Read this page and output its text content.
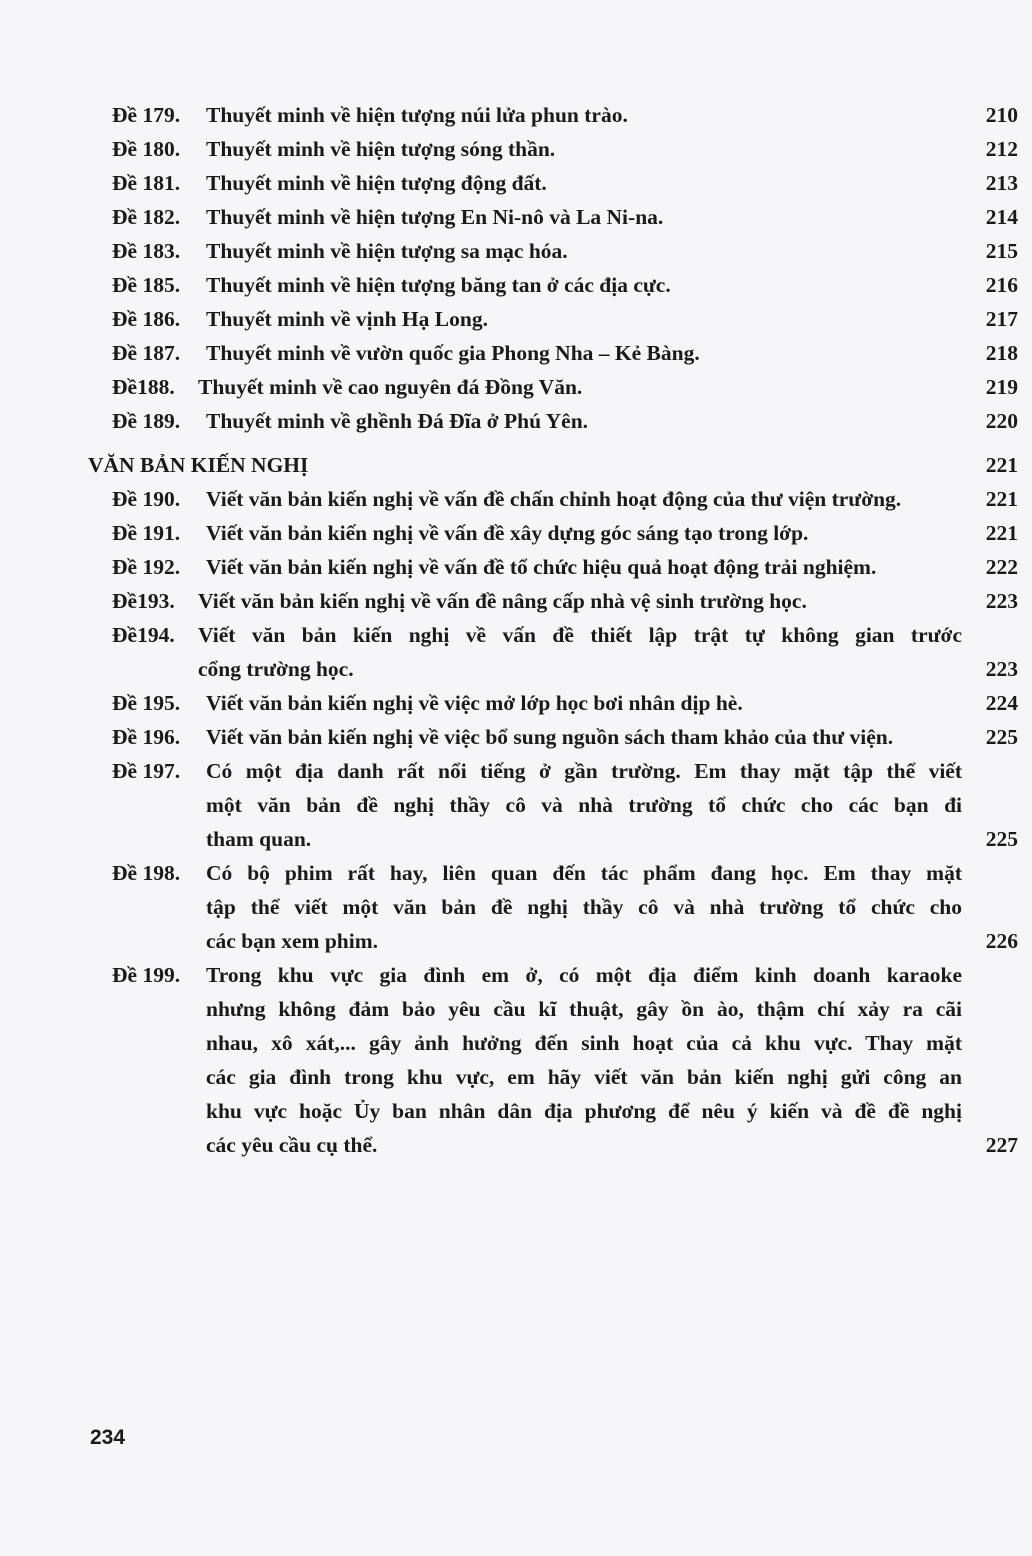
Đề 179.	Thuyết minh về hiện tượng núi lửa phun trào.	210
Đề 180.	Thuyết minh về hiện tượng sóng thần.	212
Đề 181.	Thuyết minh về hiện tượng động đất.	213
Đề 182.	Thuyết minh về hiện tượng En Ni-nô và La Ni-na.	214
Đề 183.	Thuyết minh về hiện tượng sa mạc hóa.	215
Đề 185.	Thuyết minh về hiện tượng băng tan ở các địa cực.	216
Đề 186.	Thuyết minh về vịnh Hạ Long.	217
Đề 187.	Thuyết minh về vườn quốc gia Phong Nha – Kẻ Bàng.	218
Đề188.	Thuyết minh về cao nguyên đá Đồng Văn.	219
Đề 189.	Thuyết minh về ghềnh Đá Đĩa ở Phú Yên.	220
VĂN BẢN KIẾN NGHỊ	221
Đề 190.	Viết văn bản kiến nghị về vấn đề chấn chỉnh hoạt động của thư viện trường.	221
Đề 191.	Viết văn bản kiến nghị về vấn đề xây dựng góc sáng tạo trong lớp.	221
Đề 192.	Viết văn bản kiến nghị về vấn đề tổ chức hiệu quả hoạt động trải nghiệm.	222
Đề193.	Viết văn bản kiến nghị về vấn đề nâng cấp nhà vệ sinh trường học.	223
Đề194.	Viết văn bản kiến nghị về vấn đề thiết lập trật tự không gian trước
cổng trường học.	223
Đề 195.	Viết văn bản kiến nghị về việc mở lớp học bơi nhân dịp hè.	224
Đề 196.	Viết văn bản kiến nghị về việc bổ sung nguồn sách tham khảo của thư viện.	225
Đề 197.	Có một địa danh rất nổi tiếng ở gần trường. Em thay mặt tập thể viết
một văn bản đề nghị thầy cô và nhà trường tổ chức cho các bạn đi
tham quan.	225
Đề 198.	Có bộ phim rất hay, liên quan đến tác phẩm đang học. Em thay mặt
tập thể viết một văn bản đề nghị thầy cô và nhà trường tổ chức cho
các bạn xem phim.	226
Đề 199.	Trong khu vực gia đình em ở, có một địa điểm kinh doanh karaoke
nhưng không đảm bảo yêu cầu kĩ thuật, gây ồn ào, thậm chí xảy ra cãi
nhau, xô xát,... gây ảnh hưởng đến sinh hoạt của cả khu vực. Thay mặt
các gia đình trong khu vực, em hãy viết văn bản kiến nghị gửi công an
khu vực hoặc Ủy ban nhân dân địa phương để nêu ý kiến và đề đề nghị
các yêu cầu cụ thể.	227
234
